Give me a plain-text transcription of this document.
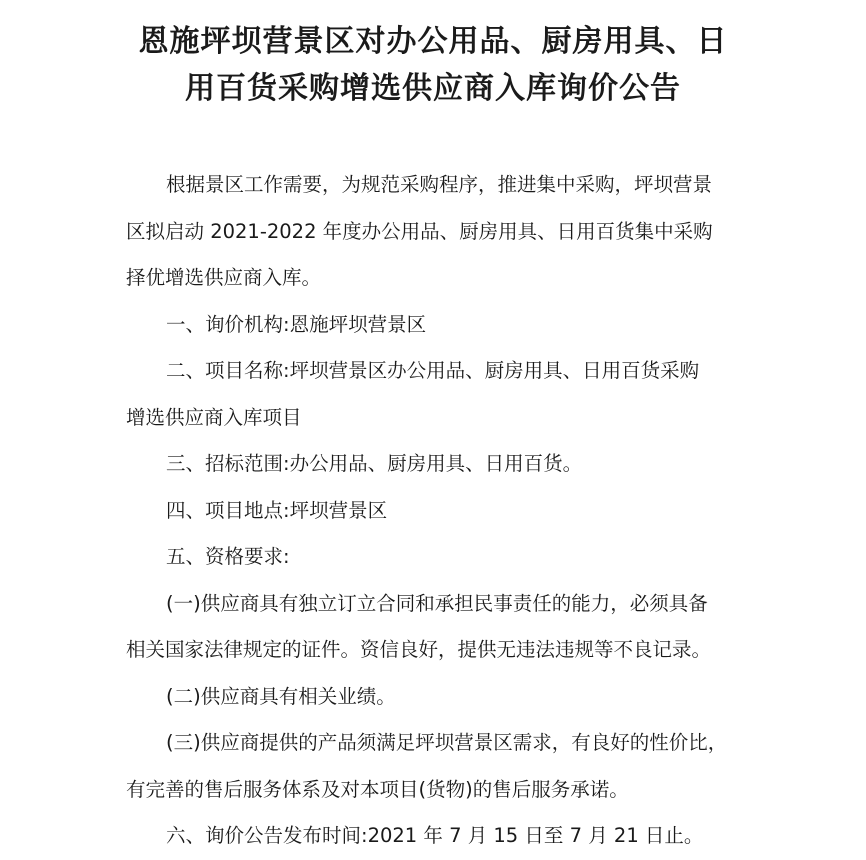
恩施坪坝营景区对办公用品、厨房用具、日
用百货采购增选供应商入库询价公告

根据景区工作需要，为规范采购程序，推进集中采购，坪坝营景
区拟启动 2021-2022 年度办公用品、厨房用具、日用百货集中采购
择优增选供应商入库。

一、询价机构:恩施坪坝营景区

二、项目名称:坪坝营景区办公用品、厨房用具、日用百货采购
增选供应商入库项目

三、招标范围:办公用品、厨房用具、日用百货。

四、项目地点:坪坝营景区

五、资格要求:

(一)供应商具有独立订立合同和承担民事责任的能力，必须具备
相关国家法律规定的证件。资信良好，提供无违法违规等不良记录。

(二)供应商具有相关业绩。

(三)供应商提供的产品须满足坪坝营景区需求，有良好的性价比，
有完善的售后服务体系及对本项目(货物)的售后服务承诺。

六、询价公告发布时间:2021 年 7 月 15 日至 7 月 21 日止。
